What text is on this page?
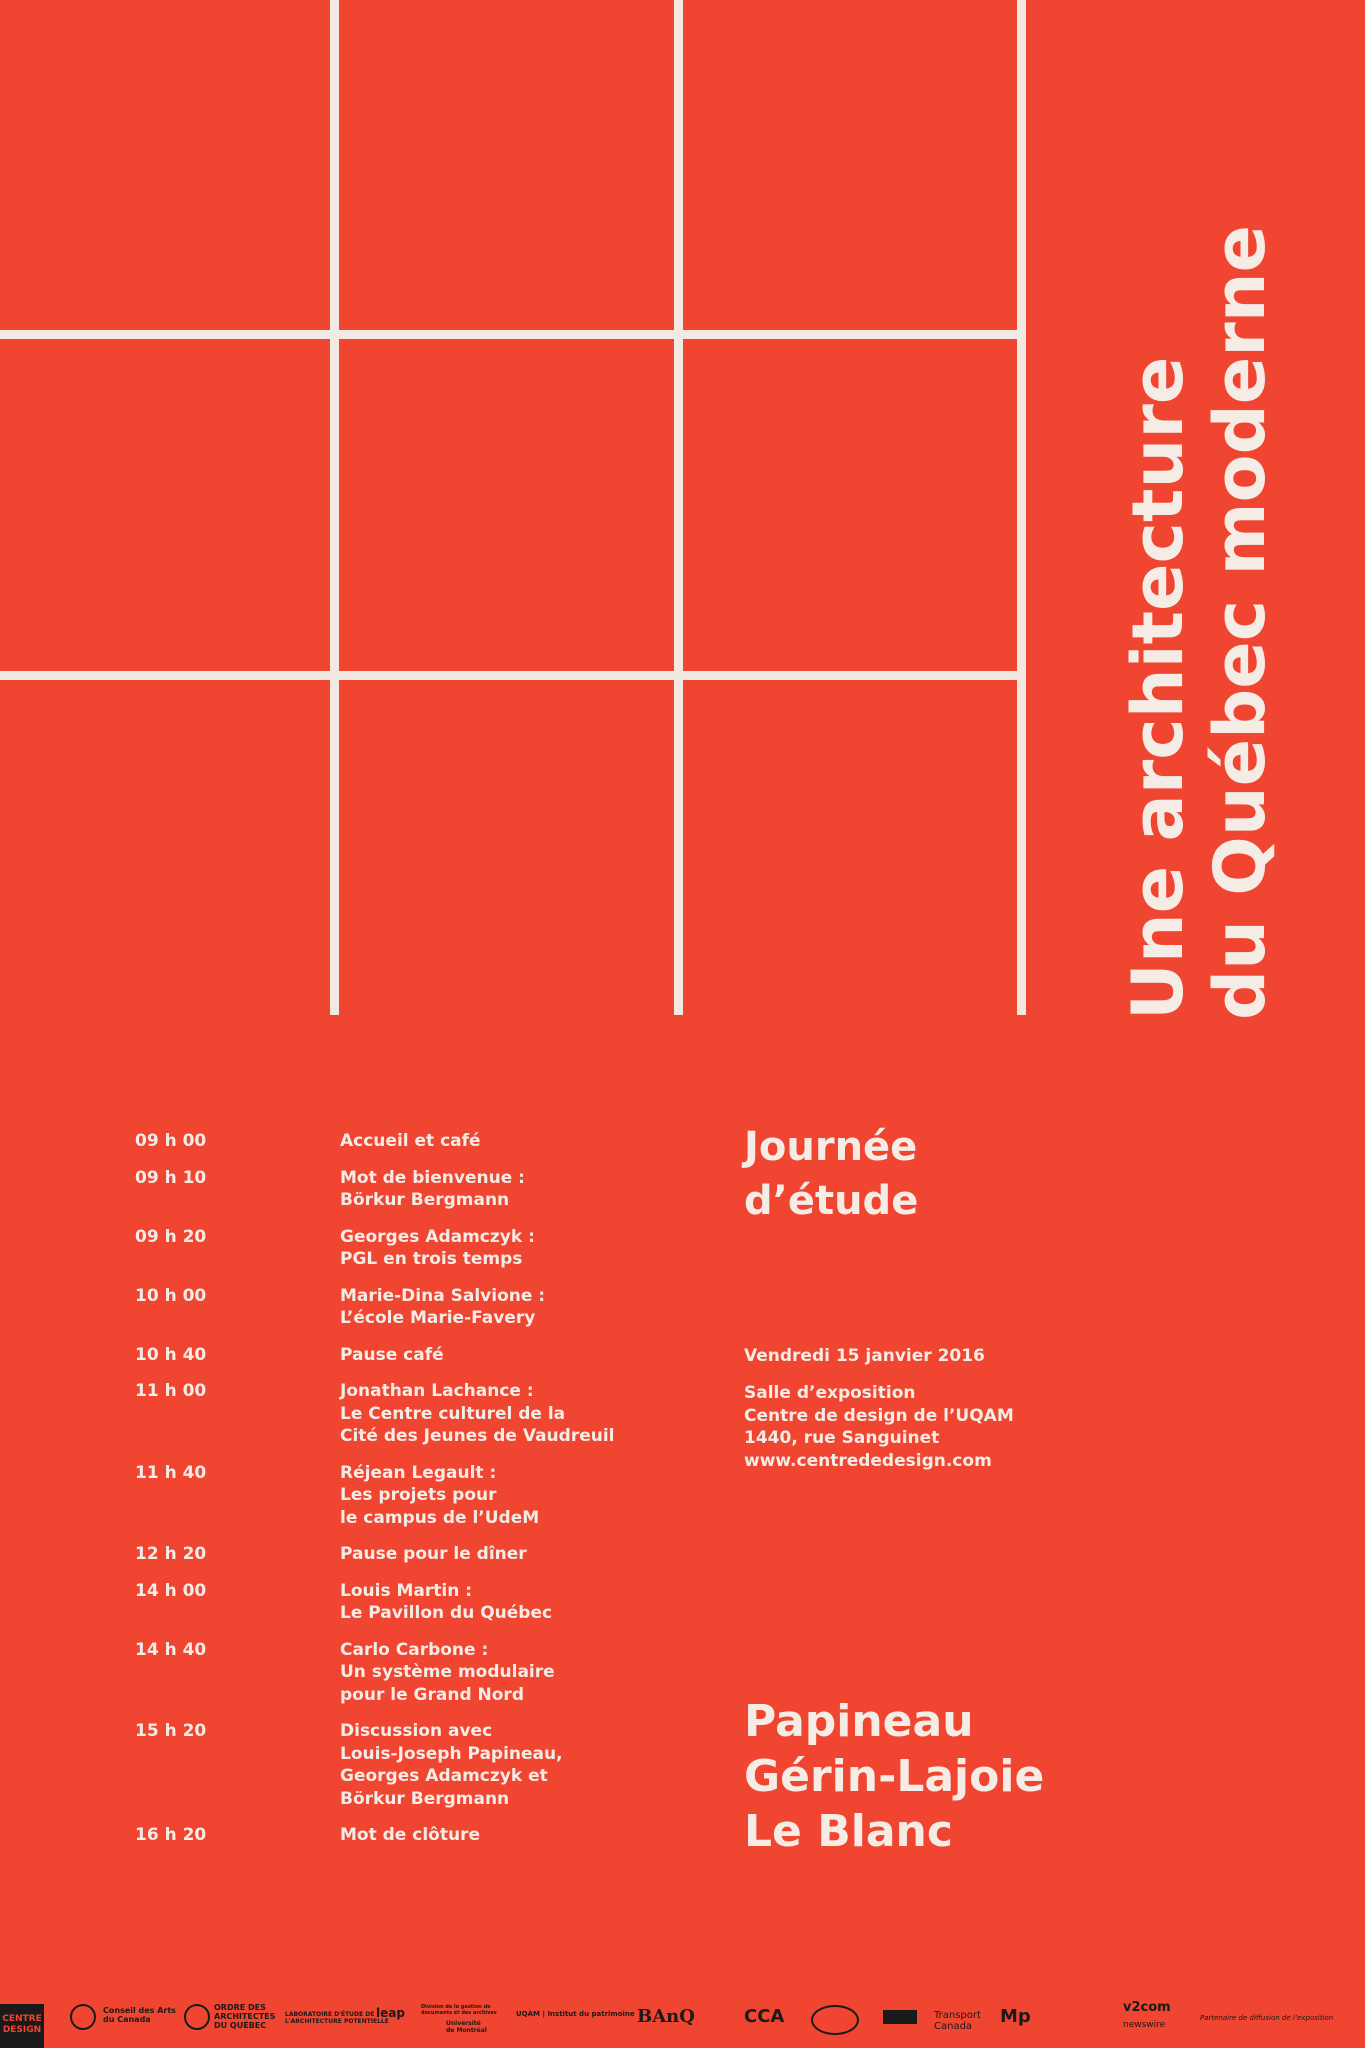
Une architecture du Québec moderne
09 h 00	Accueil et café
09 h 10	Mot de bienvenue :
Börkur Bergmann
09 h 20	Georges Adamczyk :
PGL en trois temps
10 h 00	Marie-Dina Salvione :
L’école Marie-Favery
10 h 40	Pause café
11 h 00	Jonathan Lachance :
Le Centre culturel de la
Cité des Jeunes de Vaudreuil
11 h 40	Réjean Legault :
Les projets pour
le campus de l’UdeM
12 h 20	Pause pour le dîner
14 h 00	Louis Martin :
Le Pavillon du Québec
14 h 40	Carlo Carbone :
Un système modulaire
pour le Grand Nord
15 h 20	Discussion avec
Louis-Joseph Papineau,
Georges Adamczyk et
Börkur Bergmann
16 h 20	Mot de clôture
Journée
d’étude
Vendredi 15 janvier 2016
Salle d’exposition
Centre de design de l’UQAM
1440, rue Sanguinet
www.centrededesign.com
Papineau
Gérin-Lajoie
Le Blanc
CENTRE
DESIGN
Conseil des Arts
du Canada
ORDRE DES
ARCHITECTES
DU QUÉBEC
LABORATOIRE D'ÉTUDE DE
L'ARCHITECTURE POTENTIELLE
leap	Division de la gestion de
documents et des archives
Université
de Montréal
UQÀM | Institut du patrimoine BAnQ	CCA	Transport
Canada	Mp	v2com
newswire
Partenaire de diffusion de l’exposition
